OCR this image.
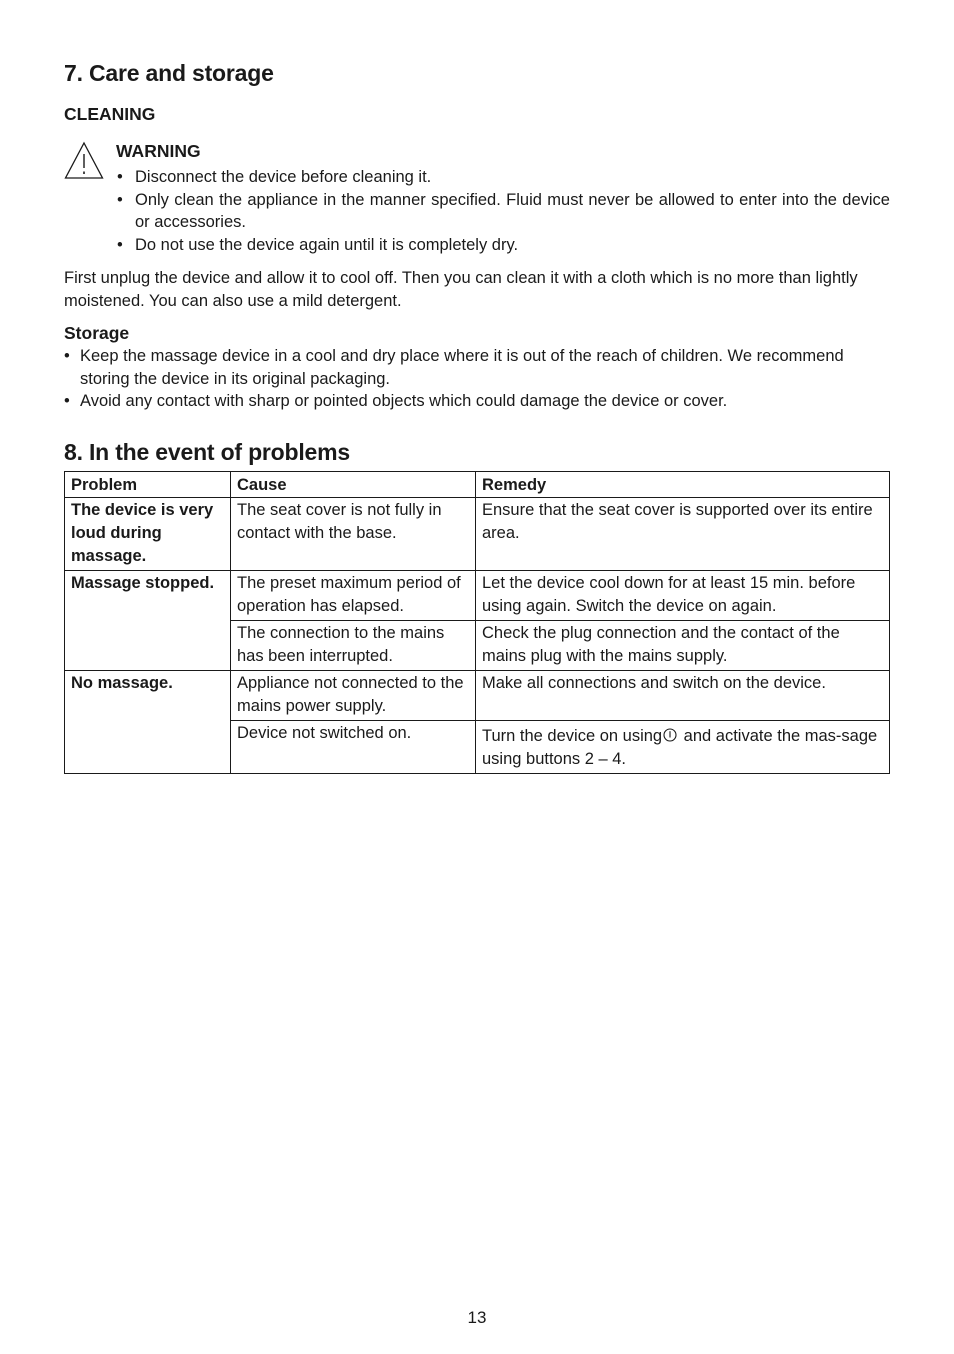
7. Care and storage
CLEANING
WARNING
• Disconnect the device before cleaning it.
• Only clean the appliance in the manner specified. Fluid must never be allowed to enter into the device or accessories.
• Do not use the device again until it is completely dry.

First unplug the device and allow it to cool off. Then you can clean it with a cloth which is no more than lightly moistened. You can also use a mild detergent.

Storage
• Keep the massage device in a cool and dry place where it is out of the reach of children. We recommend storing the device in its original packaging.
• Avoid any contact with sharp or pointed objects which could damage the device or cover.
8. In the event of problems
Problem	Cause	Remedy
The device is very loud during massage.	The seat cover is not fully in contact with the base.	Ensure that the seat cover is supported over its entire area.
Massage stopped.	The preset maximum period of operation has elapsed.	Let the device cool down for at least 15 min. before using again. Switch the device on again.
	The connection to the mains has been interrupted.	Check the plug connection and the contact of the mains plug with the mains supply.
No massage.	Appliance not connected to the mains power supply.	Make all connections and switch on the device.
	Device not switched on.	Turn the device on using and activate the mas-sage using buttons 2 – 4.
13
